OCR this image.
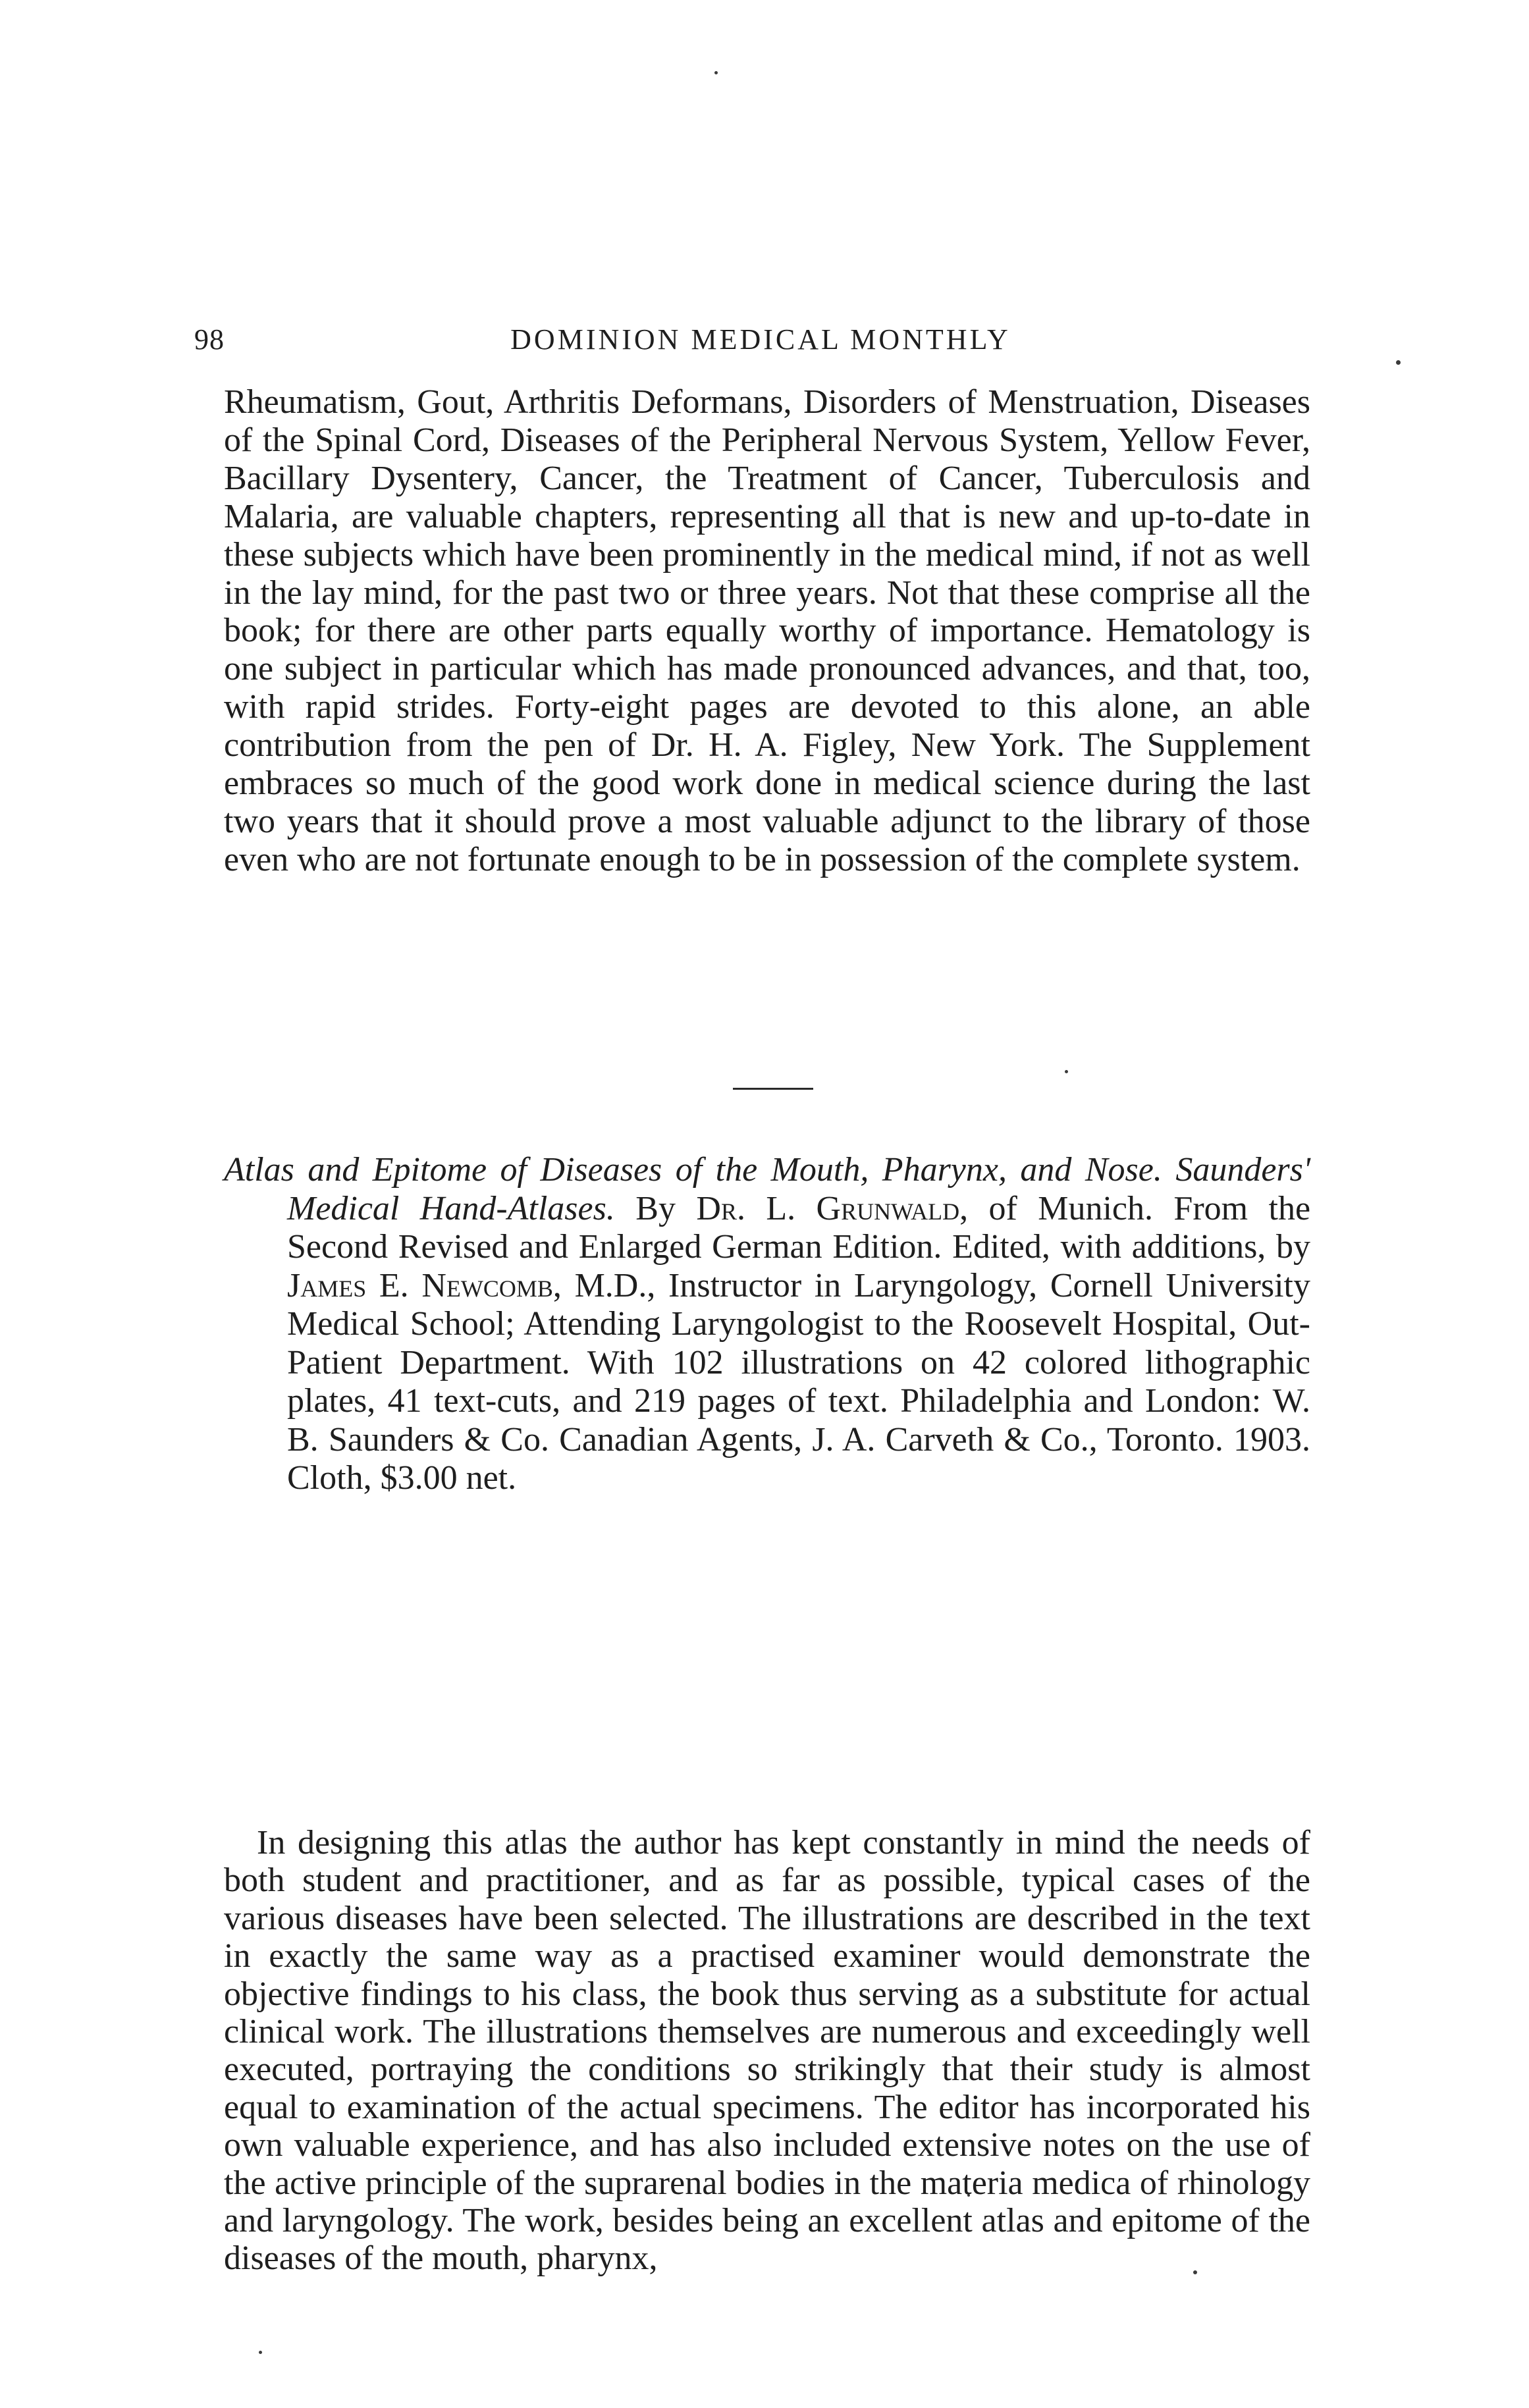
98	DOMINION MEDICAL MONTHLY

Rheumatism, Gout, Arthritis Deformans, Disorders of Menstruation, Diseases of the Spinal Cord, Diseases of the Peripheral Nervous System, Yellow Fever, Bacillary Dysentery, Cancer, the Treatment of Cancer, Tuberculosis and Malaria, are valuable chapters, representing all that is new and up-to-date in these subjects which have been prominently in the medical mind, if not as well in the lay mind, for the past two or three years. Not that these comprise all the book; for there are other parts equally worthy of importance. Hematology is one subject in particular which has made pronounced advances, and that, too, with rapid strides. Forty-eight pages are devoted to this alone, an able contribution from the pen of Dr. H. A. Figley, New York. The Supplement embraces so much of the good work done in medical science during the last two years that it should prove a most valuable adjunct to the library of those even who are not fortunate enough to be in possession of the complete system.

Atlas and Epitome of Diseases of the Mouth, Pharynx, and Nose. Saunders' Medical Hand-Atlases. By Dr. L. Grunwald, of Munich. From the Second Revised and Enlarged German Edition. Edited, with additions, by James E. Newcomb, M.D., Instructor in Laryngology, Cornell University Medical School; Attending Laryngologist to the Roosevelt Hospital, Out-Patient Department. With 102 illustrations on 42 colored lithographic plates, 41 text-cuts, and 219 pages of text. Philadelphia and London: W. B. Saunders & Co. Canadian Agents, J. A. Carveth & Co., Toronto. 1903. Cloth, $3.00 net.

In designing this atlas the author has kept constantly in mind the needs of both student and practitioner, and as far as possible, typical cases of the various diseases have been selected. The illustrations are described in the text in exactly the same way as a practised examiner would demonstrate the objective findings to his class, the book thus serving as a substitute for actual clinical work. The illustrations themselves are numerous and exceedingly well executed, portraying the conditions so strikingly that their study is almost equal to examination of the actual specimens. The editor has incorporated his own valuable experience, and has also included extensive notes on the use of the active principle of the suprarenal bodies in the materia medica of rhinology and laryngology. The work, besides being an excellent atlas and epitome of the diseases of the mouth, pharynx,
